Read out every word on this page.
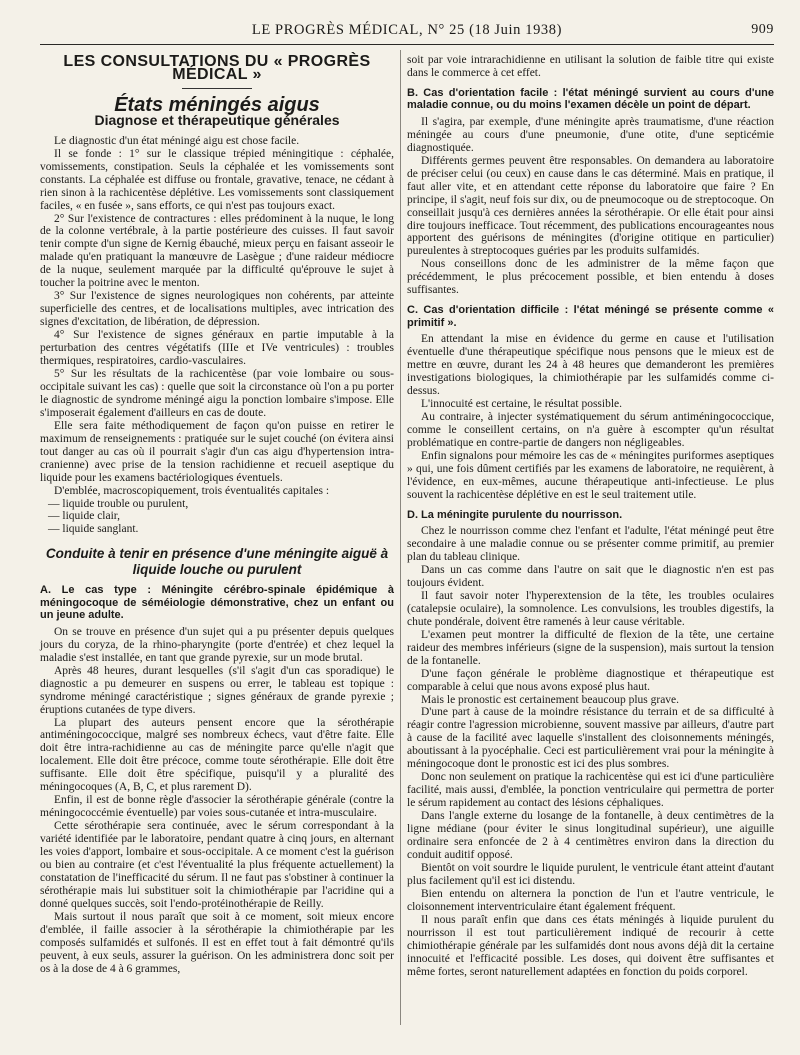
LE PROGRÈS MÉDICAL, N° 25 (18 Juin 1938)	909
LES CONSULTATIONS DU « PROGRÈS MÉDICAL »
États méningés aigus
Diagnose et thérapeutique générales

Le diagnostic d'un état méningé aigu est chose facile.

Il se fonde : 1° sur le classique trépied méningitique : céphalée, vomissements, constipation. Seuls la céphalée et les vomissements sont constants. La céphalée est diffuse ou frontale, gravative, tenace, ne cédant à rien sinon à la rachicentèse déplétive. Les vomissements sont classiquement faciles, « en fusée », sans efforts, ce qui n'est pas toujours exact.

2° Sur l'existence de contractures : elles prédominent à la nuque, le long de la colonne vertébrale, à la partie postérieure des cuisses. Il faut savoir tenir compte d'un signe de Kernig ébauché, mieux perçu en faisant asseoir le malade qu'en pratiquant la manœuvre de Lasègue ; d'une raideur médiocre de la nuque, seulement marquée par la difficulté qu'éprouve le sujet à toucher la poitrine avec le menton.

3° Sur l'existence de signes neurologiques non cohérents, par atteinte superficielle des centres, et de localisations multiples, avec intrication des signes d'excitation, de libération, de dépression.

4° Sur l'existence de signes généraux en partie imputable à la perturbation des centres végétatifs (IIIe et IVe ventricules) : troubles thermiques, respiratoires, cardio-vasculaires.

5° Sur les résultats de la rachicentèse (par voie lombaire ou sous-occipitale suivant les cas) : quelle que soit la circonstance où l'on a pu porter le diagnostic de syndrome méningé aigu la ponction lombaire s'impose. Elle s'imposerait également d'ailleurs en cas de doute.

Elle sera faite méthodiquement de façon qu'on puisse en retirer le maximum de renseignements : pratiquée sur le sujet couché (on évitera ainsi tout danger au cas où il pourrait s'agir d'un cas aigu d'hypertension intra-cranienne) avec prise de la tension rachidienne et recueil aseptique du liquide pour les examens bactériologiques éventuels.

D'emblée, macroscopiquement, trois éventualités capitales :

— liquide trouble ou purulent,

— liquide clair,

— liquide sanglant.

Conduite à tenir en présence d'une méningite aiguë à liquide louche ou purulent

A. Le cas type : Méningite cérébro-spinale épidémique à méningocoque de séméiologie démonstrative, chez un enfant ou un jeune adulte.

On se trouve en présence d'un sujet qui a pu présenter depuis quelques jours du coryza, de la rhino-pharyngite (porte d'entrée) et chez lequel la maladie s'est installée, en tant que grande pyrexie, sur un mode brutal.

Après 48 heures, durant lesquelles (s'il s'agit d'un cas sporadique) le diagnostic a pu demeurer en suspens ou errer, le tableau est topique : syndrome méningé caractéristique ; signes généraux de grande pyrexie ; éruptions cutanées de type divers.

La plupart des auteurs pensent encore que la sérothérapie antiméningococcique, malgré ses nombreux échecs, vaut d'être faite. Elle doit être intra-rachidienne au cas de méningite parce qu'elle n'agit que localement. Elle doit être précoce, comme toute sérothérapie. Elle doit être suffisante. Elle doit être spécifique, puisqu'il y a pluralité des méningocoques (A, B, C, et plus rarement D).

Enfin, il est de bonne règle d'associer la sérothérapie générale (contre la méningococcémie éventuelle) par voies sous-cutanée et intra-musculaire.

Cette sérothérapie sera continuée, avec le sérum correspondant à la variété identifiée par le laboratoire, pendant quatre à cinq jours, en alternant les voies d'apport, lombaire et sous-occipitale. A ce moment c'est la guérison ou bien au contraire (et c'est l'éventualité la plus fréquente actuellement) la constatation de l'inefficacité du sérum. Il ne faut pas s'obstiner à continuer la sérothérapie mais lui substituer soit la chimiothérapie par l'acridine qui a donné quelques succès, soit l'endo-protéinothérapie de Reilly.

Mais surtout il nous paraît que soit à ce moment, soit mieux encore d'emblée, il faille associer à la sérothérapie la chimiothérapie par les composés sulfamidés et sulfonés. Il est en effet tout à fait démontré qu'ils peuvent, à eux seuls, assurer la guérison. On les administrera donc soit per os à la dose de 4 à 6 grammes,

soit par voie intrarachidienne en utilisant la solution de faible titre qui existe dans le commerce à cet effet.

B. Cas d'orientation facile : l'état méningé survient au cours d'une maladie connue, ou du moins l'examen décèle un point de départ.

Il s'agira, par exemple, d'une méningite après traumatisme, d'une réaction méningée au cours d'une pneumonie, d'une otite, d'une septicémie diagnostiquée.

Différents germes peuvent être responsables. On demandera au laboratoire de préciser celui (ou ceux) en cause dans le cas déterminé. Mais en pratique, il faut aller vite, et en attendant cette réponse du laboratoire que faire ? En principe, il s'agit, neuf fois sur dix, ou de pneumocoque ou de streptocoque. On conseillait jusqu'à ces dernières années la sérothérapie. Or elle était pour ainsi dire toujours inefficace. Tout récemment, des publications encourageantes nous apportent des guérisons de méningites (d'origine otitique en particulier) pureulentes à streptocoques guéries par les produits sulfamidés.

Nous conseillons donc de les administrer de la même façon que précédemment, le plus précocement possible, et bien entendu à doses suffisantes.

C. Cas d'orientation difficile : l'état méningé se présente comme « primitif ».

En attendant la mise en évidence du germe en cause et l'utilisation éventuelle d'une thérapeutique spécifique nous pensons que le mieux est de mettre en œuvre, durant les 24 à 48 heures que demanderont les premières investigations biologiques, la chimiothérapie par les sulfamidés comme ci-dessus.

L'innocuité est certaine, le résultat possible.

Au contraire, à injecter systématiquement du sérum antiméningococcique, comme le conseillent certains, on n'a guère à escompter qu'un résultat problématique en contre-partie de dangers non négligeables.

Enfin signalons pour mémoire les cas de « méningites puriformes aseptiques » qui, une fois dûment certifiés par les examens de laboratoire, ne requièrent, à l'évidence, en eux-mêmes, aucune thérapeutique anti-infectieuse. Le plus souvent la rachicentèse déplétive en est le seul traitement utile.

D. La méningite purulente du nourrisson.

Chez le nourrisson comme chez l'enfant et l'adulte, l'état méningé peut être secondaire à une maladie connue ou se présenter comme primitif, au premier plan du tableau clinique.

Dans un cas comme dans l'autre on sait que le diagnostic n'en est pas toujours évident.

Il faut savoir noter l'hyperextension de la tête, les troubles oculaires (catalepsie oculaire), la somnolence. Les convulsions, les troubles digestifs, la chute pondérale, doivent être ramenés à leur cause véritable.

L'examen peut montrer la difficulté de flexion de la tête, une certaine raideur des membres inférieurs (signe de la suspension), mais surtout la tension de la fontanelle.

D'une façon générale le problème diagnostique et thérapeutique est comparable à celui que nous avons exposé plus haut.

Mais le pronostic est certainement beaucoup plus grave.

D'une part à cause de la moindre résistance du terrain et de sa difficulté à réagir contre l'agression microbienne, souvent massive par ailleurs, d'autre part à cause de la facilité avec laquelle s'installent des cloisonnements méningés, aboutissant à la pyocéphalie. Ceci est particulièrement vrai pour la méningite à méningocoque dont le pronostic est ici des plus sombres.

Donc non seulement on pratique la rachicentèse qui est ici d'une particulière facilité, mais aussi, d'emblée, la ponction ventriculaire qui permettra de porter le sérum rapidement au contact des lésions céphaliques.

Dans l'angle externe du losange de la fontanelle, à deux centimètres de la ligne médiane (pour éviter le sinus longitudinal supérieur), une aiguille ordinaire sera enfoncée de 2 à 4 centimètres environ dans la direction du conduit auditif opposé.

Bientôt on voit sourdre le liquide purulent, le ventricule étant atteint d'autant plus facilement qu'il est ici distendu.

Bien entendu on alternera la ponction de l'un et l'autre ventricule, le cloisonnement interventriculaire étant également fréquent.

Il nous paraît enfin que dans ces états méningés à liquide purulent du nourrisson il est tout particulièrement indiqué de recourir à cette chimiothérapie générale par les sulfamidés dont nous avons déjà dit la certaine innocuité et l'efficacité possible. Les doses, qui doivent être suffisantes et même fortes, seront naturellement adaptées en fonction du poids corporel.
